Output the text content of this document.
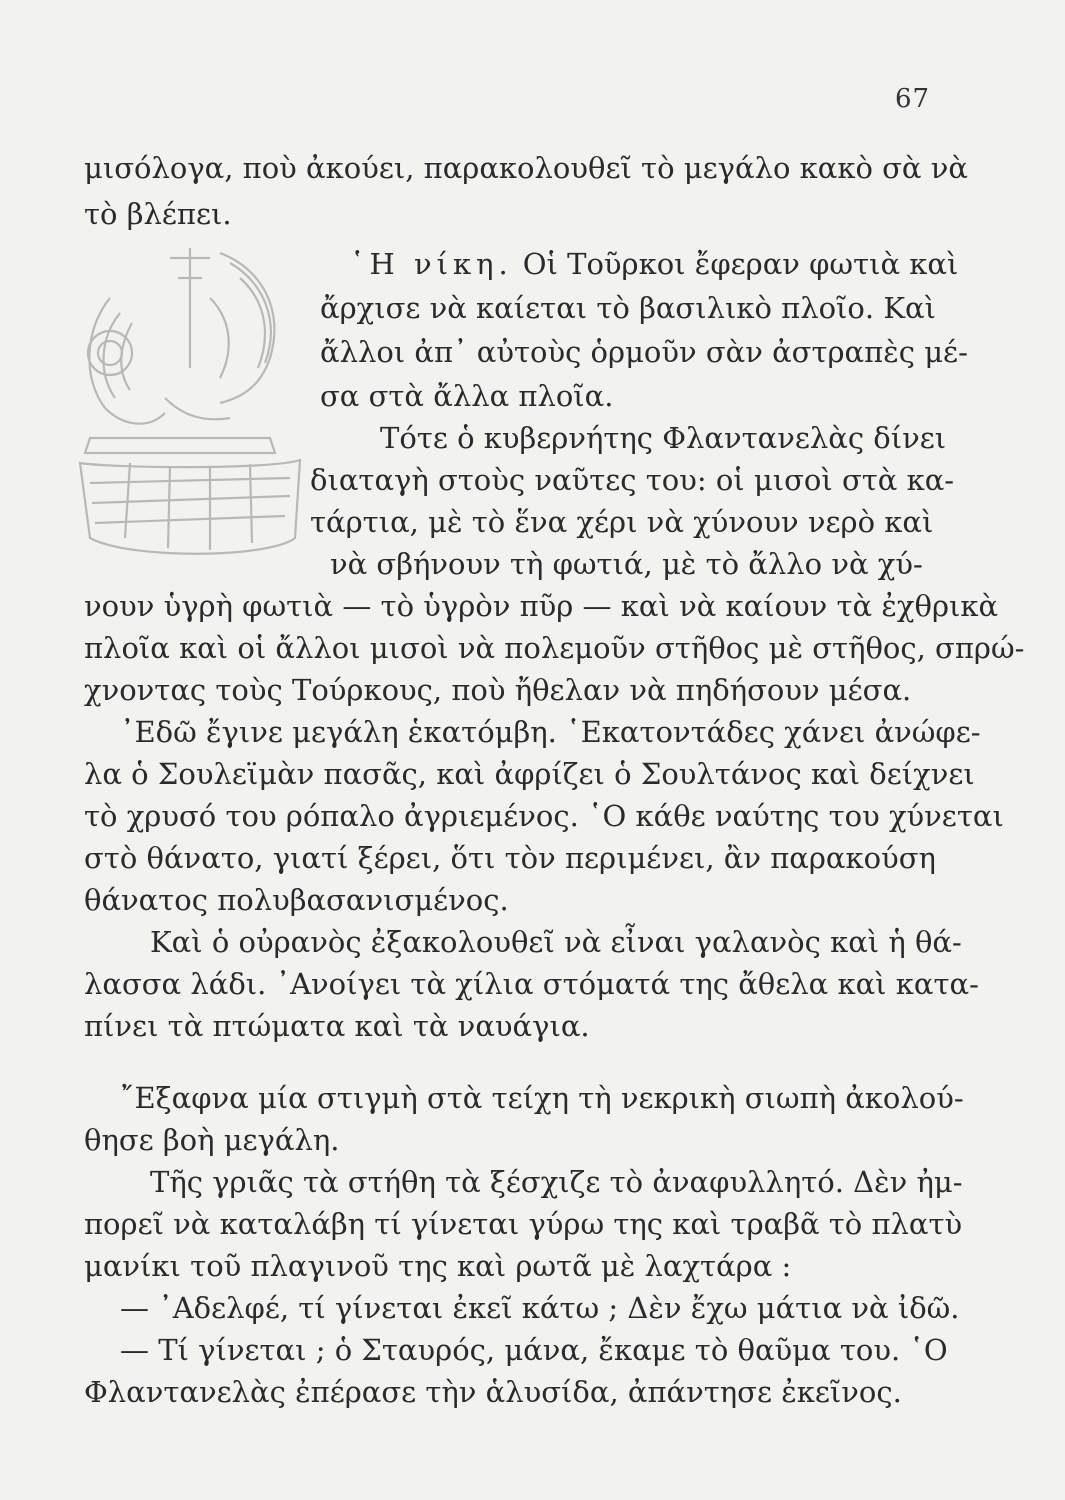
67
μισόλογα, ποὺ ἀκούει, παρακολουθεῖ τὸ μεγάλο κακὸ σὰ νὰ
τὸ βλέπει.
῾Η νίκη. Οἱ Τοῦρκοι ἔφεραν φωτιὰ καὶ
ἄρχισε νὰ καίεται τὸ βασιλικὸ πλοῖο. Καὶ
ἄλλοι ἀπ᾽ αὐτοὺς ὁρμοῦν σὰν ἀστραπὲς μέ-
σα στὰ ἄλλα πλοῖα.
Τότε ὁ κυβερνήτης Φλαντανελὰς δίνει
διαταγὴ στοὺς ναῦτες του: οἱ μισοὶ στὰ κα-
τάρτια, μὲ τὸ ἕνα χέρι νὰ χύνουν νερὸ καὶ
νὰ σβήνουν τὴ φωτιά, μὲ τὸ ἄλλο νὰ χύ-
νουν ὑγρὴ φωτιὰ — τὸ ὑγρὸν πῦρ — καὶ νὰ καίουν τὰ ἐχθρικὰ
πλοῖα καὶ οἱ ἄλλοι μισοὶ νὰ πολεμοῦν στῆθος μὲ στῆθος, σπρώ-
χνοντας τοὺς Τούρκους, ποὺ ἤθελαν νὰ πηδήσουν μέσα.
᾿Εδῶ ἔγινε μεγάλη ἑκατόμβη. ῾Εκατοντάδες χάνει ἀνώφε-
λα ὁ Σουλεϊμὰν πασᾶς, καὶ ἀφρίζει ὁ Σουλτάνος καὶ δείχνει
τὸ χρυσό του ρόπαλο ἀγριεμένος. ῾Ο κάθε ναύτης του χύνεται
στὸ θάνατο, γιατί ξέρει, ὅτι τὸν περιμένει, ἂν παρακούση
θάνατος πολυβασανισμένος.
Καὶ ὁ οὐρανὸς ἐξακολουθεῖ νὰ εἶναι γαλανὸς καὶ ἡ θά-
λασσα λάδι. ᾿Ανοίγει τὰ χίλια στόματά της ἄθελα καὶ κατα-
πίνει τὰ πτώματα καὶ τὰ ναυάγια.
῎Εξαφνα μία στιγμὴ στὰ τείχη τὴ νεκρικὴ σιωπὴ ἀκολού-
θησε βοὴ μεγάλη.
Τῆς γριᾶς τὰ στήθη τὰ ξέσχιζε τὸ ἀναφυλλητό. Δὲν ἠμ-
πορεῖ νὰ καταλάβη τί γίνεται γύρω της καὶ τραβᾶ τὸ πλατὺ
μανίκι τοῦ πλαγινοῦ της καὶ ρωτᾶ μὲ λαχτάρα :
— ᾿Αδελφέ, τί γίνεται ἐκεῖ κάτω ; Δὲν ἔχω μάτια νὰ ἰδῶ.
— Τί γίνεται ; ὁ Σταυρός, μάνα, ἔκαμε τὸ θαῦμα του. ῾Ο
Φλαντανελὰς ἐπέρασε τὴν ἁλυσίδα, ἀπάντησε ἐκεῖνος.
